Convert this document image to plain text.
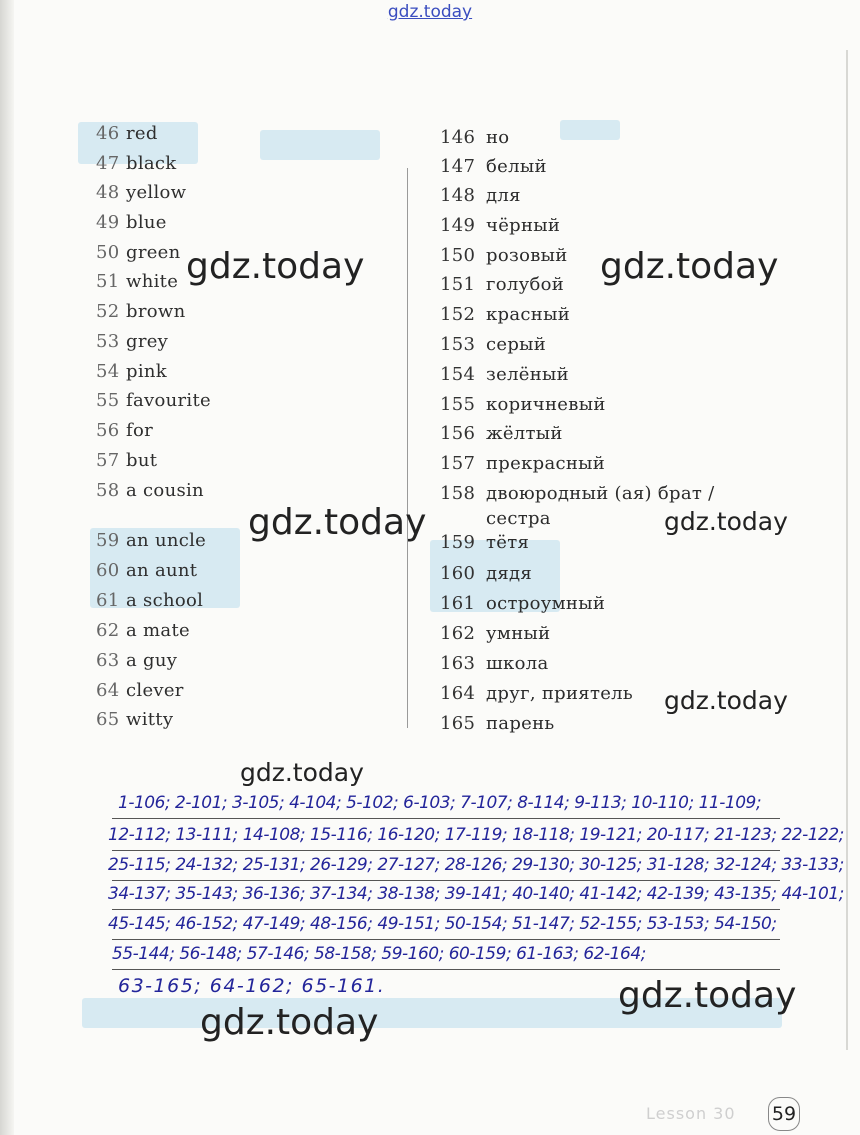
gdz.today
46 red
47 black
48 yellow
49 blue
50 green
51 white
52 brown
53 grey
54 pink
55 favourite
56 for
57 but
58 a cousin
59 an uncle
60 an aunt
61 a school
62 a mate
63 a guy
64 clever
65 witty
146 но
147 белый
148 для
149 чёрный
150 розовый
151 голубой
152 красный
153 серый
154 зелёный
155 коричневый
156 жёлтый
157 прекрасный
158 двоюродный (ая) брат /
сестра
159 тётя
160 дядя
161 остроумный
162 умный
163 школа
164 друг, приятель
165 парень
1-106; 2-101; 3-105; 4-104; 5-102; 6-103; 7-107; 8-114; 9-113; 10-110; 11-109;
12-112; 13-111; 14-108; 15-116; 16-120; 17-119; 18-118; 19-121; 20-117; 21-123; 22-122;
25-115; 24-132; 25-131; 26-129; 27-127; 28-126; 29-130; 30-125; 31-128; 32-124; 33-133;
34-137; 35-143; 36-136; 37-134; 38-138; 39-141; 40-140; 41-142; 42-139; 43-135; 44-101;
45-145; 46-152; 47-149; 48-156; 49-151; 50-154; 51-147; 52-155; 53-153; 54-150;
55-144; 56-148; 57-146; 58-158; 59-160; 60-159; 61-163; 62-164;
63-165; 64-162; 65-161.
gdz.today	gdz.today
gdz.today	gdz.today
gdz.today
gdz.today
gdz.today
gdz.today
Lesson 30 59
